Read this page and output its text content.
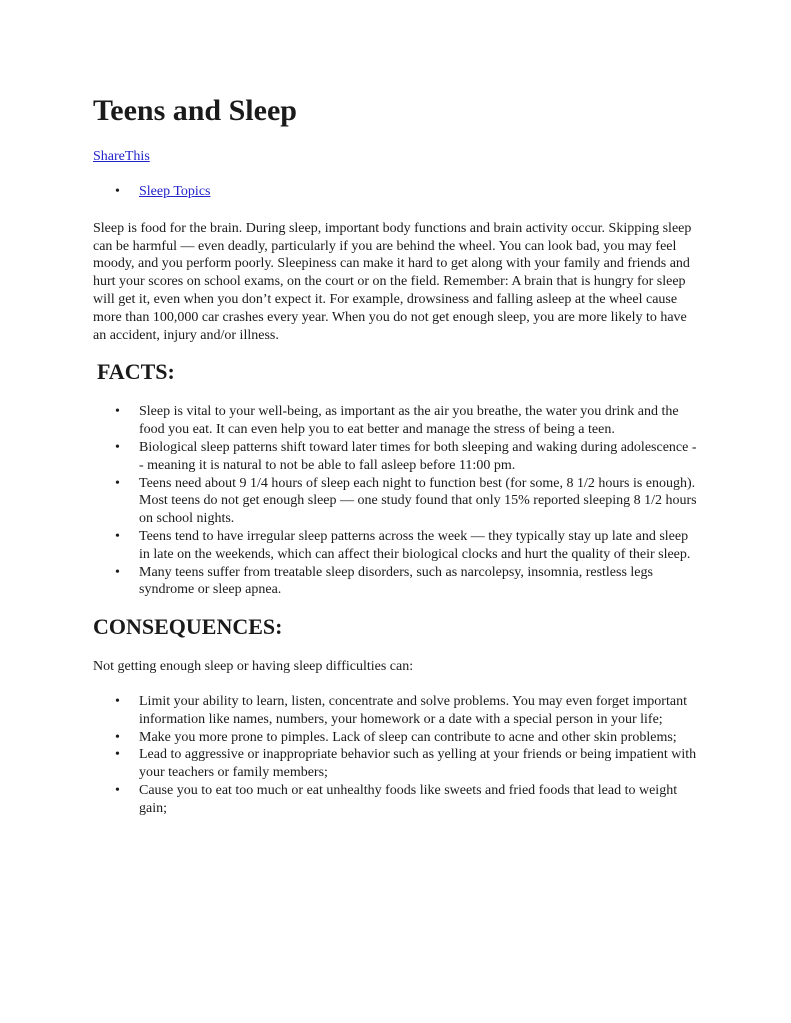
Teens and Sleep
ShareThis
• Sleep Topics

Sleep is food for the brain. During sleep, important body functions and brain activity occur. Skipping sleep can be harmful — even deadly, particularly if you are behind the wheel. You can look bad, you may feel moody, and you perform poorly. Sleepiness can make it hard to get along with your family and friends and hurt your scores on school exams, on the court or on the field. Remember: A brain that is hungry for sleep will get it, even when you don’t expect it. For example, drowsiness and falling asleep at the wheel cause more than 100,000 car crashes every year. When you do not get enough sleep, you are more likely to have an accident, injury and/or illness.

FACTS:
• Sleep is vital to your well-being, as important as the air you breathe, the water you drink and the food you eat. It can even help you to eat better and manage the stress of being a teen.
• Biological sleep patterns shift toward later times for both sleeping and waking during adolescence -- meaning it is natural to not be able to fall asleep before 11:00 pm.
• Teens need about 9 1/4 hours of sleep each night to function best (for some, 8 1/2 hours is enough). Most teens do not get enough sleep — one study found that only 15% reported sleeping 8 1/2 hours on school nights.
• Teens tend to have irregular sleep patterns across the week — they typically stay up late and sleep in late on the weekends, which can affect their biological clocks and hurt the quality of their sleep.
• Many teens suffer from treatable sleep disorders, such as narcolepsy, insomnia, restless legs syndrome or sleep apnea.
CONSEQUENCES:

Not getting enough sleep or having sleep difficulties can:

• Limit your ability to learn, listen, concentrate and solve problems. You may even forget important information like names, numbers, your homework or a date with a special person in your life;
• Make you more prone to pimples. Lack of sleep can contribute to acne and other skin problems;
• Lead to aggressive or inappropriate behavior such as yelling at your friends or being impatient with your teachers or family members;
• Cause you to eat too much or eat unhealthy foods like sweets and fried foods that lead to weight gain;
